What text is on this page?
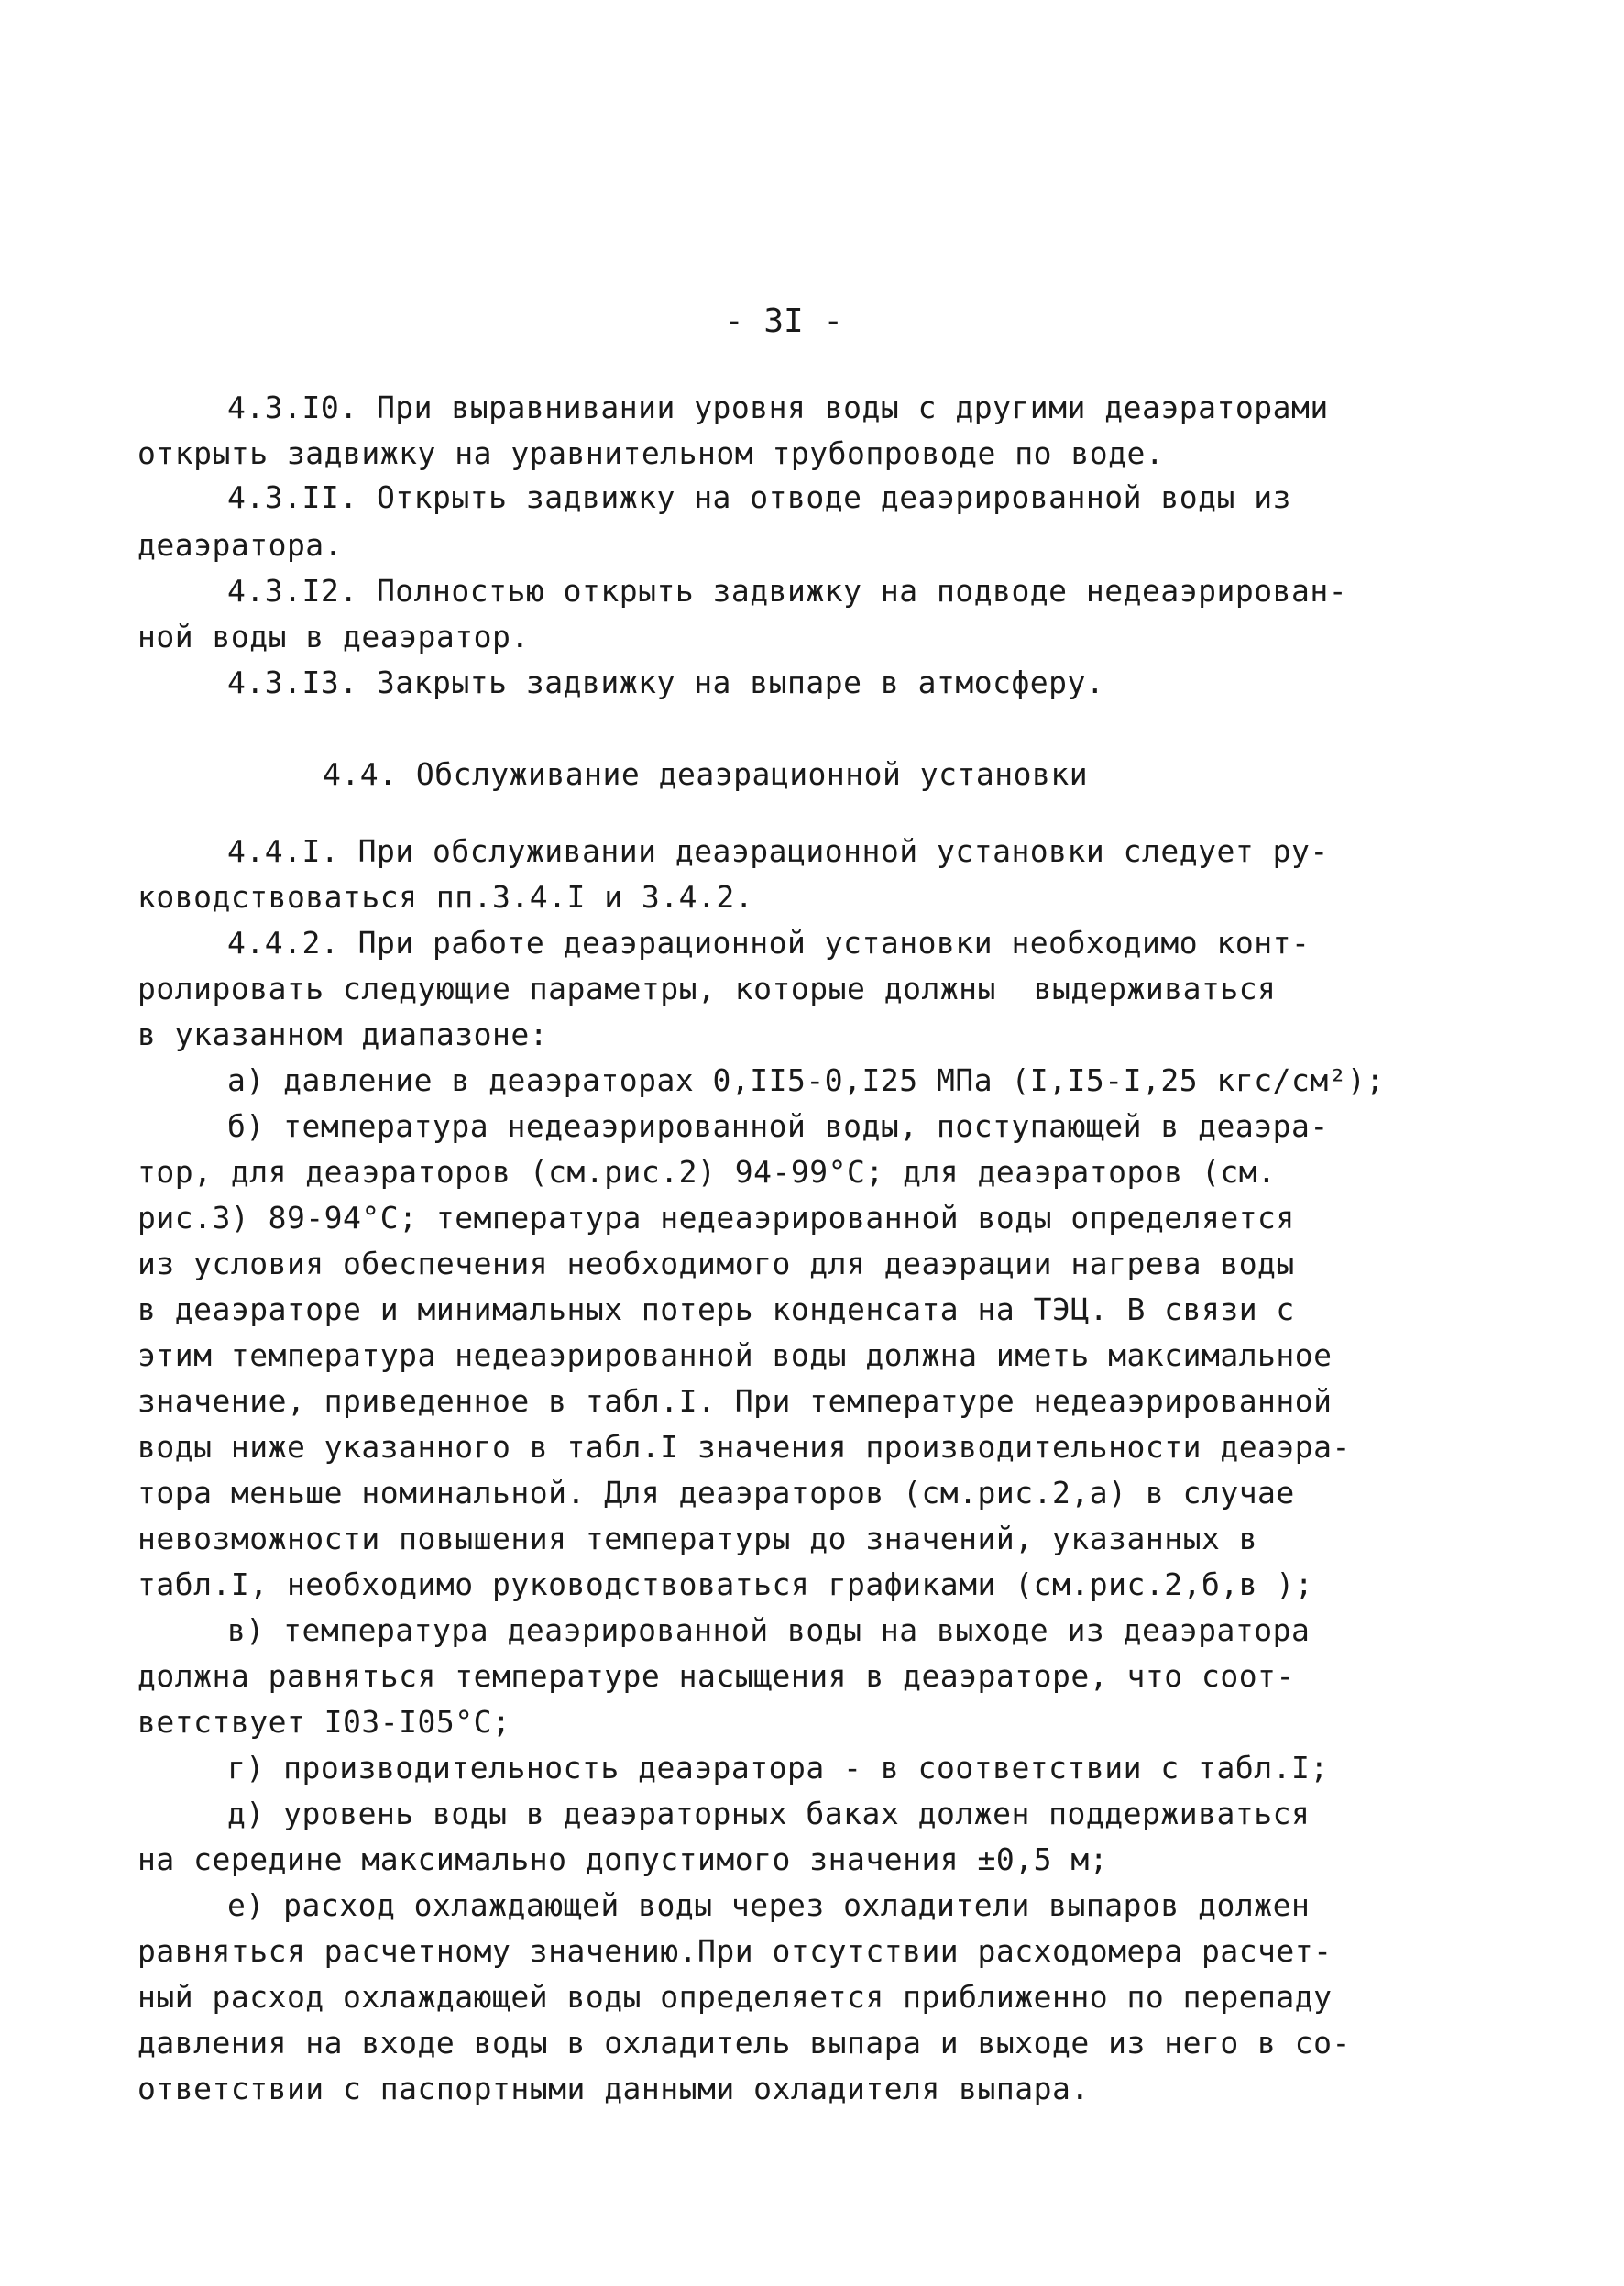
- 3I -
4.3.I0. При выравнивании уровня воды с другими деаэраторами
открыть задвижку на уравнительном трубопроводе по воде.
4.3.II. Открыть задвижку на отводе деаэрированной воды из
деаэратора.
4.3.I2. Полностью открыть задвижку на подводе недеаэрирован-
ной воды в деаэратор.
4.3.I3. Закрыть задвижку на выпаре в атмосферу.
4.4. Обслуживание деаэрационной установки
4.4.I. При обслуживании деаэрационной установки следует ру-
ководствоваться пп.3.4.I и 3.4.2.
4.4.2. При работе деаэрационной установки необходимо конт-
ролировать следующие параметры, которые должны  выдерживаться
в указанном диапазоне:
а) давление в деаэраторах 0,II5-0,I25 МПа (I,I5-I,25 кгс/см²);
б) температура недеаэрированной воды, поступающей в деаэра-
тор, для деаэраторов (см.рис.2) 94-99°С; для деаэраторов (см.
рис.3) 89-94°С; температура недеаэрированной воды определяется
из условия обеспечения необходимого для деаэрации нагрева воды
в деаэраторе и минимальных потерь конденсата на ТЭЦ. В связи с
этим температура недеаэрированной воды должна иметь максимальное
значение, приведенное в табл.I. При температуре недеаэрированной
воды ниже указанного в табл.I значения производительности деаэра-
тора меньше номинальной. Для деаэраторов (см.рис.2,а) в случае
невозможности повышения температуры до значений, указанных в
табл.I, необходимо руководствоваться графиками (см.рис.2,б,в );
в) температура деаэрированной воды на выходе из деаэратора
должна равняться температуре насыщения в деаэраторе, что соот-
ветствует I03-I05°С;
г) производительность деаэратора - в соответствии с табл.I;
д) уровень воды в деаэраторных баках должен поддерживаться
на середине максимально допустимого значения ±0,5 м;
е) расход охлаждающей воды через охладители выпаров должен
равняться расчетному значению.При отсутствии расходомера расчет-
ный расход охлаждающей воды определяется приближенно по перепаду
давления на входе воды в охладитель выпара и выходе из него в со-
ответствии с паспортными данными охладителя выпара.
